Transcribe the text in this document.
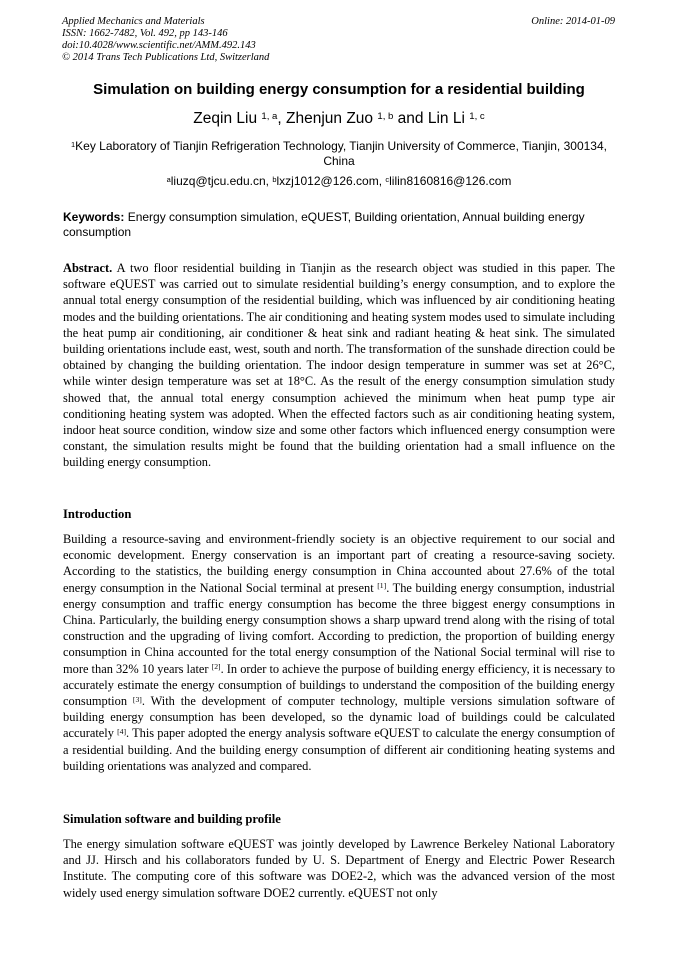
Applied Mechanics and Materials
ISSN: 1662-7482, Vol. 492, pp 143-146
doi:10.4028/www.scientific.net/AMM.492.143
© 2014 Trans Tech Publications Ltd, Switzerland
Online: 2014-01-09
Simulation on building energy consumption for a residential building
Zeqin Liu $^{1, a}$, Zhenjun Zuo $^{1, b}$ and Lin Li $^{1, c}$
$^1$Key Laboratory of Tianjin Refrigeration Technology, Tianjin University of Commerce, Tianjin, 300134, China
$^a$liuzq@tjcu.edu.cn, $^b$lxzj1012@126.com, $^c$lilin8160816@126.com
Keywords: Energy consumption simulation, eQUEST, Building orientation, Annual building energy consumption
Abstract. A two floor residential building in Tianjin as the research object was studied in this paper. The software eQUEST was carried out to simulate residential building’s energy consumption, and to explore the annual total energy consumption of the residential building, which was influenced by air conditioning heating modes and the building orientations. The air conditioning and heating system modes used to simulate including the heat pump air conditioning, air conditioner & heat sink and radiant heating & heat sink. The simulated building orientations include east, west, south and north. The transformation of the sunshade direction could be obtained by changing the building orientation. The indoor design temperature in summer was set at 26°C, while winter design temperature was set at 18°C. As the result of the energy consumption simulation study showed that, the annual total energy consumption achieved the minimum when heat pump type air conditioning heating system was adopted. When the effected factors such as air conditioning heating system, indoor heat source condition, window size and some other factors which influenced energy consumption were constant, the simulation results might be found that the building orientation had a small influence on the building energy consumption.
Introduction
Building a resource-saving and environment-friendly society is an objective requirement to our social and economic development. Energy conservation is an important part of creating a resource-saving society. According to the statistics, the building energy consumption in China accounted about 27.6% of the total energy consumption in the National Social terminal at present [1]. The building energy consumption, industrial energy consumption and traffic energy consumption has become the three biggest energy consumptions in China. Particularly, the building energy consumption shows a sharp upward trend along with the rising of total construction and the upgrading of living comfort. According to prediction, the proportion of building energy consumption in China accounted for the total energy consumption of the National Social terminal will rise to more than 32% 10 years later [2]. In order to achieve the purpose of building energy efficiency, it is necessary to accurately estimate the energy consumption of buildings to understand the composition of the building energy consumption [3]. With the development of computer technology, multiple versions simulation software of building energy consumption has been developed, so the dynamic load of buildings could be calculated accurately [4]. This paper adopted the energy analysis software eQUEST to calculate the energy consumption of a residential building. And the building energy consumption of different air conditioning heating systems and building orientations was analyzed and compared.
Simulation software and building profile
The energy simulation software eQUEST was jointly developed by Lawrence Berkeley National Laboratory and JJ. Hirsch and his collaborators funded by U. S. Department of Energy and Electric Power Research Institute. The computing core of this software was DOE2-2, which was the advanced version of the most widely used energy simulation software DOE2 currently. eQUEST not only
